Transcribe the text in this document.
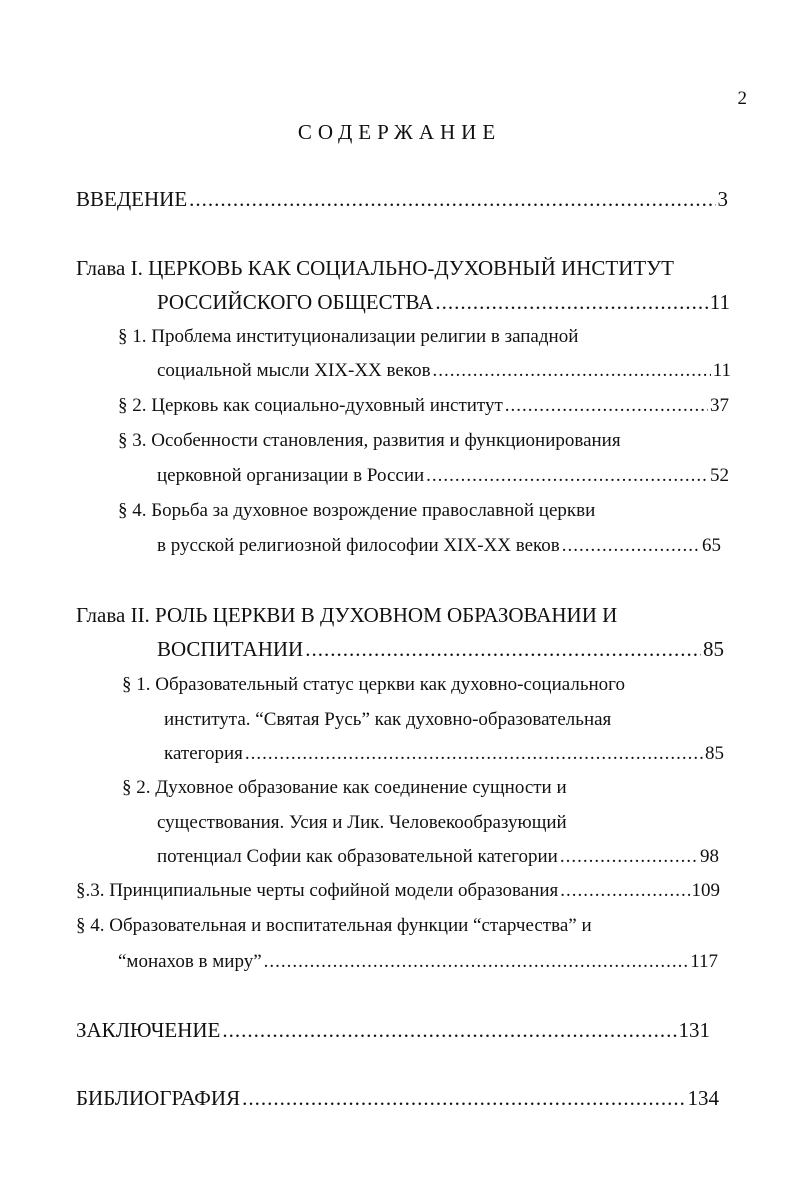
2
СОДЕРЖАНИЕ
ВВЕДЕНИЕ .....	3
Глава I. ЦЕРКОВЬ КАК СОЦИАЛЬНО-ДУХОВНЫЙ ИНСТИТУТ
РОССИЙСКОГО ОБЩЕСТВА .....	11
§ 1. Проблема институционализации религии в западной
социальной мысли XIX-XX веков .....	11
§ 2. Церковь как социально-духовный институт .....	37
§ 3. Особенности становления, развития и функционирования
церковной организации в России .....	52
§ 4. Борьба за духовное возрождение православной церкви
в русской религиозной философии XIX-XX веков .....	65
Глава II. РОЛЬ ЦЕРКВИ В ДУХОВНОМ ОБРАЗОВАНИИ И
ВОСПИТАНИИ .....	85
§ 1. Образовательный статус церкви как духовно-социального
института. “Святая Русь” как духовно-образовательная
категория .....	85
§ 2. Духовное образование как соединение сущности и
существования. Усия и Лик. Человекообразующий
потенциал Софии как образовательной категории .....	98
§.3. Принципиальные черты софийной модели образования .....	109
§ 4. Образовательная и воспитательная функции “старчества” и
“монахов в миру” .....	117
ЗАКЛЮЧЕНИЕ .....	131
БИБЛИОГРАФИЯ .....	134
